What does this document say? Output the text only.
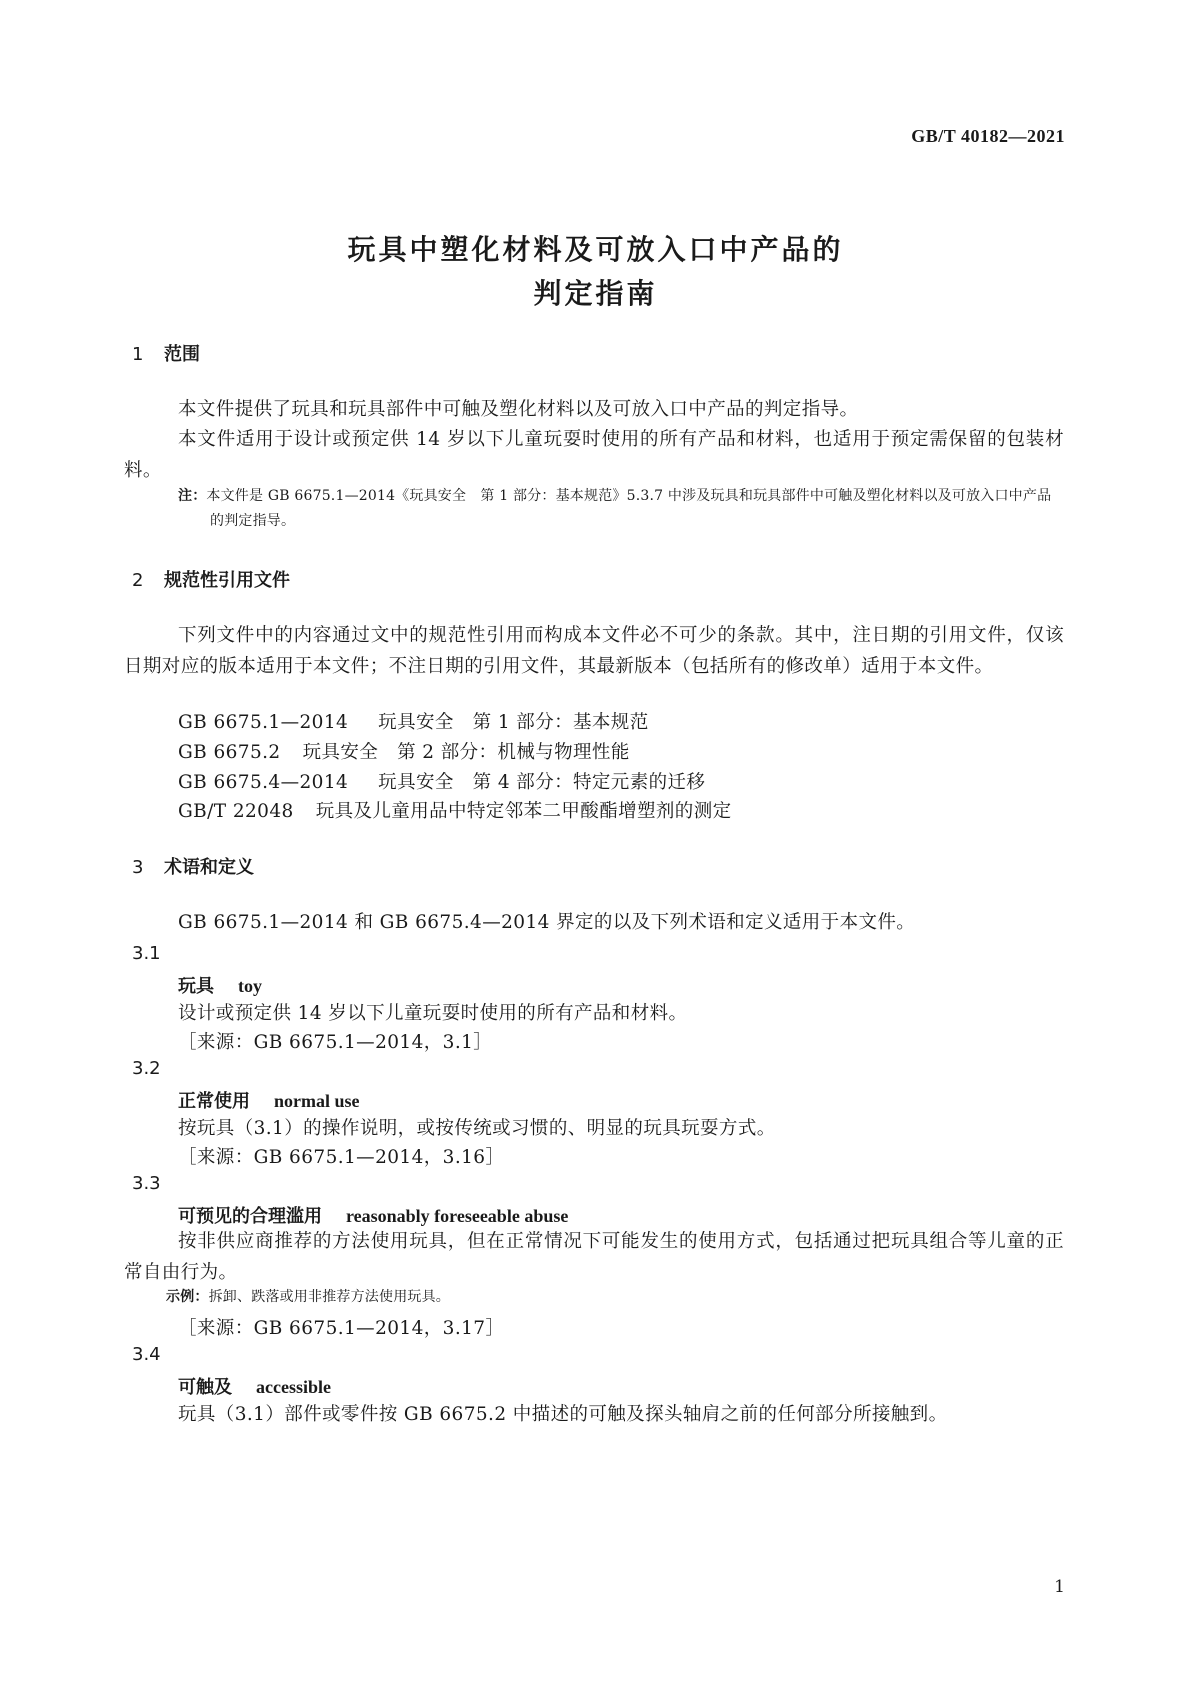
GB/T 40182—2021
玩具中塑化材料及可放入口中产品的
判定指南
1 范围
本文件提供了玩具和玩具部件中可触及塑化材料以及可放入口中产品的判定指导。
本文件适用于设计或预定供 14 岁以下儿童玩耍时使用的所有产品和材料，也适用于预定需保留的包装材料。
注：本文件是 GB 6675.1—2014《玩具安全　第 1 部分：基本规范》5.3.7 中涉及玩具和玩具部件中可触及塑化材料以及可放入口中产品的判定指导。
2 规范性引用文件
下列文件中的内容通过文中的规范性引用而构成本文件必不可少的条款。其中，注日期的引用文件，仅该日期对应的版本适用于本文件；不注日期的引用文件，其最新版本（包括所有的修改单）适用于本文件。
GB 6675.1—2014 玩具安全　第 1 部分：基本规范
GB 6675.2 玩具安全　第 2 部分：机械与物理性能
GB 6675.4—2014 玩具安全　第 4 部分：特定元素的迁移
GB/T 22048 玩具及儿童用品中特定邻苯二甲酸酯增塑剂的测定
3 术语和定义
GB 6675.1—2014 和 GB 6675.4—2014 界定的以及下列术语和定义适用于本文件。
3.1
玩具 toy
设计或预定供 14 岁以下儿童玩耍时使用的所有产品和材料。
［来源：GB 6675.1—2014，3.1］
3.2
正常使用 normal use
按玩具（3.1）的操作说明，或按传统或习惯的、明显的玩具玩耍方式。
［来源：GB 6675.1—2014，3.16］
3.3
可预见的合理滥用 reasonably foreseeable abuse
按非供应商推荐的方法使用玩具，但在正常情况下可能发生的使用方式，包括通过把玩具组合等儿童的正常自由行为。
示例：拆卸、跌落或用非推荐方法使用玩具。
［来源：GB 6675.1—2014，3.17］
3.4
可触及 accessible
玩具（3.1）部件或零件按 GB 6675.2 中描述的可触及探头轴肩之前的任何部分所接触到。
1
